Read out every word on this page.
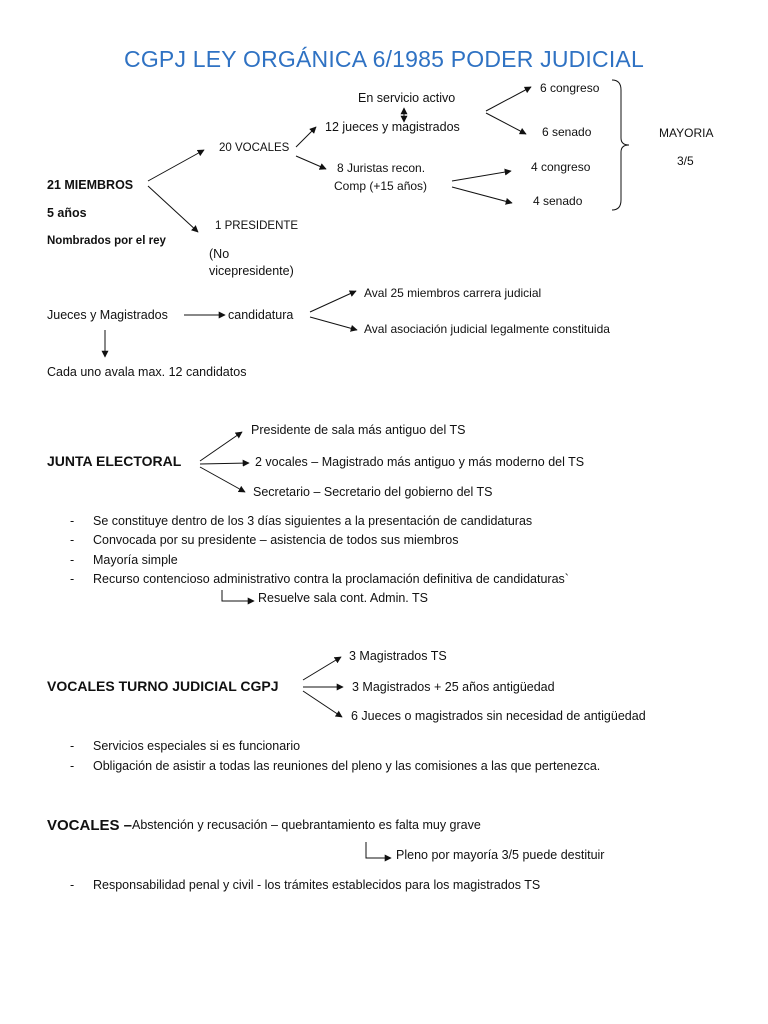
CGPJ LEY ORGÁNICA 6/1985 PODER JUDICIAL
21 MIEMBROS
5 años
Nombrados por el rey
20 VOCALES
1 PRESIDENTE
(No
vicepresidente)
En servicio activo
12 jueces y magistrados
8 Juristas recon.
Comp (+15 años)
6 congreso
6 senado
4 congreso
4 senado
MAYORIA
3/5
Jueces y Magistrados	candidatura
Aval 25 miembros carrera judicial
Aval asociación judicial legalmente constituida
Cada uno avala max. 12 candidatos
JUNTA ELECTORAL
Presidente de sala más antiguo del TS
2 vocales – Magistrado más antiguo y más moderno del TS
Secretario – Secretario del gobierno del TS
- Se constituye dentro de los 3 días siguientes a la presentación de candidaturas
- Convocada por su presidente – asistencia de todos sus miembros
- Mayoría simple
- Recurso contencioso administrativo contra la proclamación definitiva de candidaturas`
Resuelve sala cont. Admin. TS
VOCALES TURNO JUDICIAL CGPJ
3 Magistrados TS
3 Magistrados + 25 años antigüedad
6 Jueces o magistrados sin necesidad de antigüedad
- Servicios especiales si es funcionario
- Obligación de asistir a todas las reuniones del pleno y las comisiones a las que pertenezca.
VOCALES – Abstención y recusación – quebrantamiento es falta muy grave
Pleno por mayoría 3/5 puede destituir
- Responsabilidad penal y civil - los trámites establecidos para los magistrados TS
